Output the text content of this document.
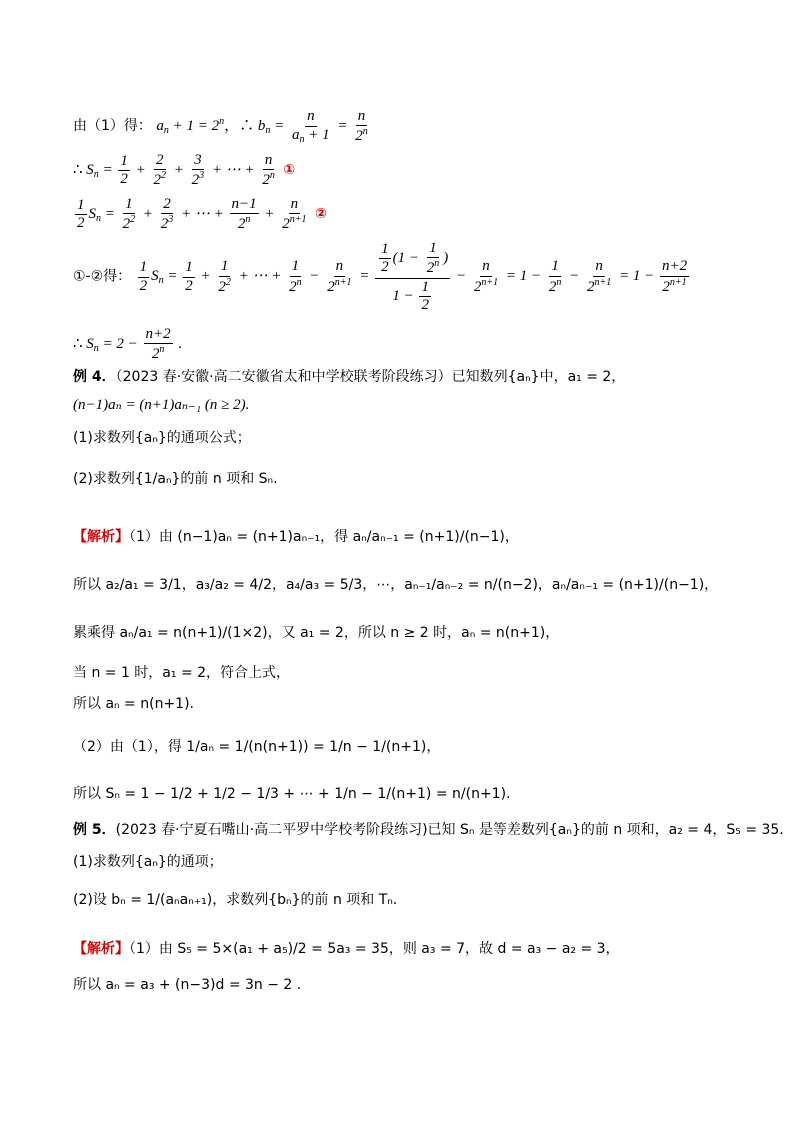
由（1）得： $a_n + 1 = 2^n$，∴ $b_n = \frac{n}{a_n + 1} = \frac{n}{2^n}$
∴ $S_n = \frac{1}{2} + \frac{2}{2^2} + \frac{3}{2^3}$ + ⋯ + $\frac{n}{2^n}$ ①
$\frac{1}{2} S_n = \frac{1}{2^2} + \frac{2}{2^3}$ + ⋯ + $\frac{n-1}{2^n} + \frac{n}{2^{n+1}}$ ②
①-②得： $\frac{1}{2} S_n = \frac{1}{2} + \frac{1}{2^2}$ + ⋯ + $\frac{1}{2^n} - \frac{n}{2^{n+1}} = \frac{\frac{1}{2} (1 - \frac{1}{2^n} )}{1 - \frac{1}{2}} - \frac{n}{2^{n+1}} = 1 - \frac{1}{2^n} - \frac{n}{2^{n+1}} = 1 - \frac{n+2}{2^{n+1}}$
∴ $S_n = 2 - \frac{n+2}{2^n}$ .
例 4．（2023 春·安徽·高二安徽省太和中学校联考阶段练习）已知数列{aₙ}中，a₁ = 2，
(n−1)aₙ = (n+1)aₙ₋₁ (n ≥ 2).
(1)求数列{aₙ}的通项公式；
(2)求数列{1/aₙ}的前 n 项和 Sₙ.
【解析】（1）由 (n−1)aₙ = (n+1)aₙ₋₁，得 aₙ/aₙ₋₁ = (n+1)/(n−1)，
所以 a₂/a₁ = 3/1，a₃/a₂ = 4/2，a₄/a₃ = 5/3，⋯，aₙ₋₁/aₙ₋₂ = n/(n−2)，aₙ/aₙ₋₁ = (n+1)/(n−1)，
累乘得 aₙ/a₁ = n(n+1)/(1×2)，又 a₁ = 2，所以 n ≥ 2 时，aₙ = n(n+1)，
当 n = 1 时，a₁ = 2，符合上式，
所以 aₙ = n(n+1).
（2）由（1），得 1/aₙ = 1/(n(n+1)) = 1/n − 1/(n+1)，
所以 Sₙ = 1 − 1/2 + 1/2 − 1/3 + ⋯ + 1/n − 1/(n+1) = n/(n+1).
例 5．(2023 春·宁夏石嘴山·高二平罗中学校考阶段练习)已知 Sₙ 是等差数列{aₙ}的前 n 项和，a₂ = 4，S₅ = 35．
(1)求数列{aₙ}的通项；
(2)设 bₙ = 1/(aₙaₙ₊₁)，求数列{bₙ}的前 n 项和 Tₙ.
【解析】（1）由 S₅ = 5×(a₁ + a₅)/2 = 5a₃ = 35，则 a₃ = 7，故 d = a₃ − a₂ = 3，
所以 aₙ = a₃ + (n−3)d = 3n − 2 .
